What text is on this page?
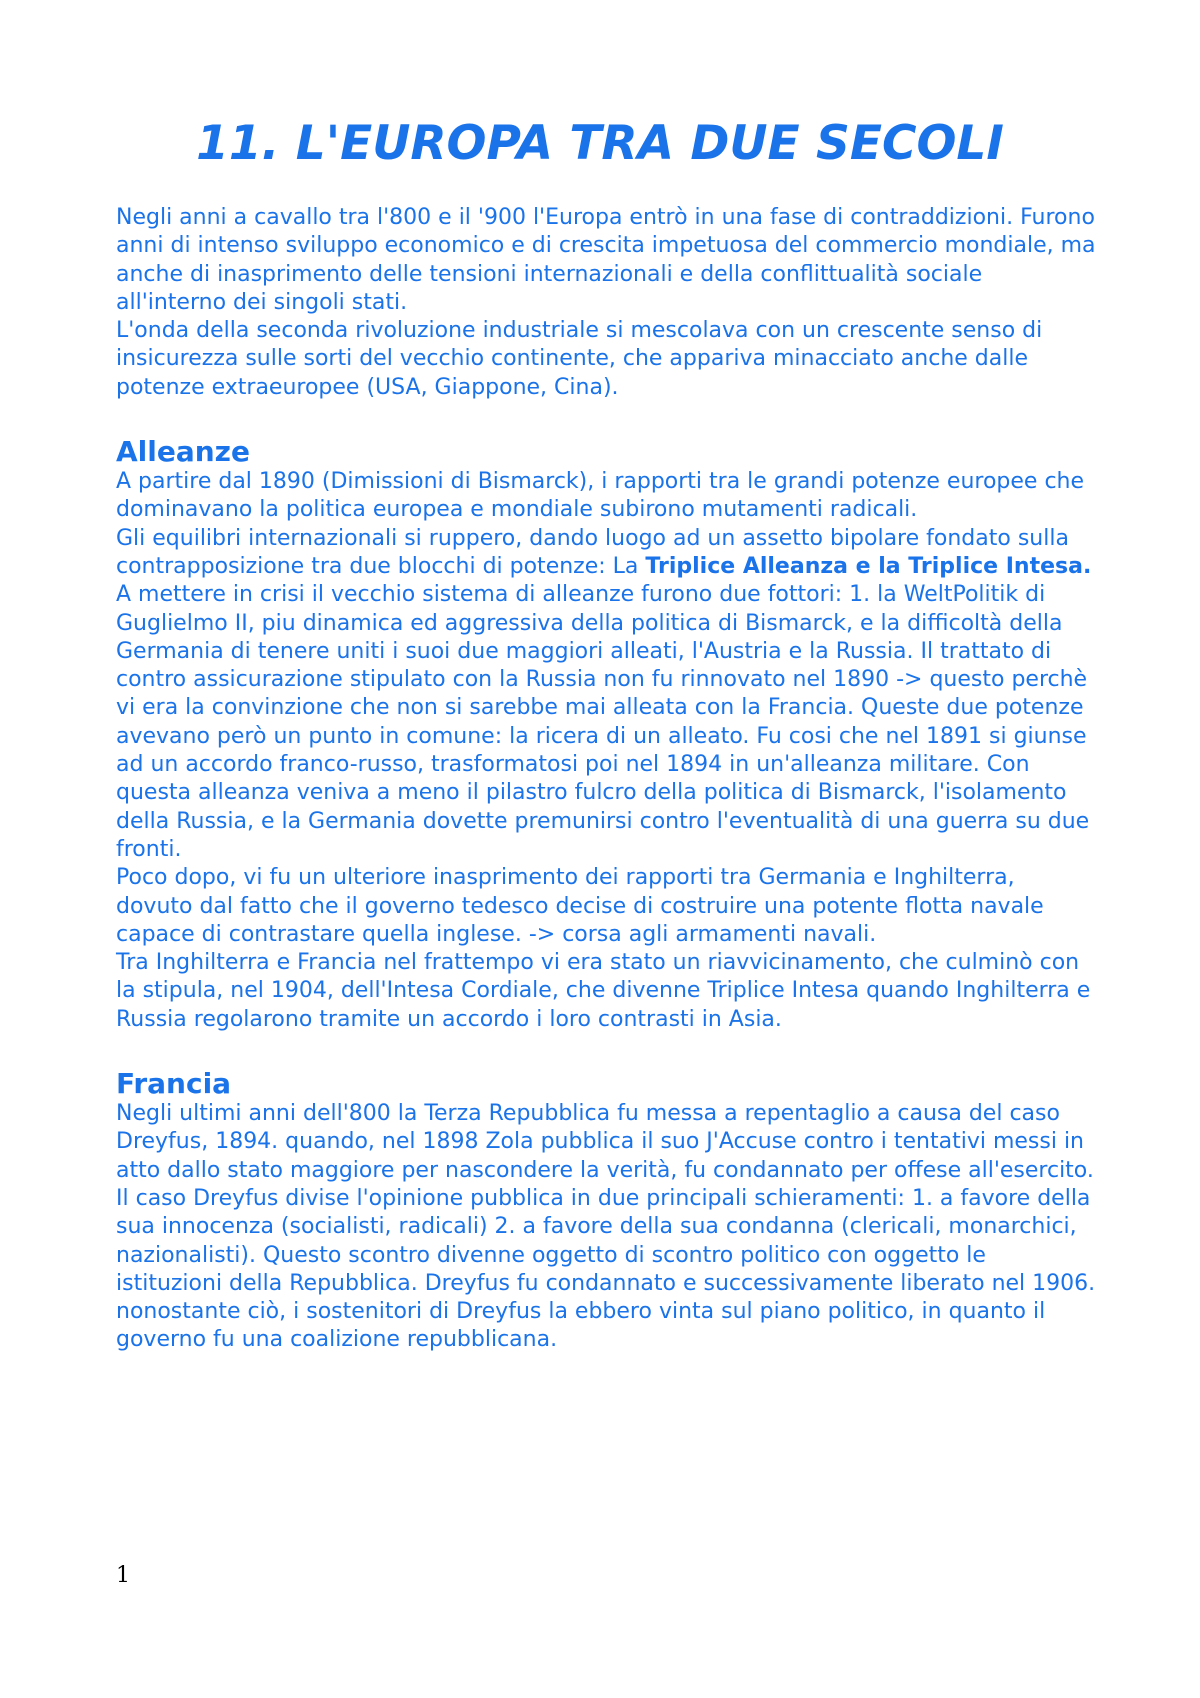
11. L'EUROPA TRA DUE SECOLI

Negli anni a cavallo tra l'800 e il '900 l'Europa entrò in una fase di contraddizioni. Furono anni di intenso sviluppo economico e di crescita impetuosa del commercio mondiale, ma anche di inasprimento delle tensioni internazionali e della conflittualità sociale all'interno dei singoli stati.

L'onda della seconda rivoluzione industriale si mescolava con un crescente senso di insicurezza sulle sorti del vecchio continente, che appariva minacciato anche dalle potenze extraeuropee (USA, Giappone, Cina).

Alleanze

A partire dal 1890 (Dimissioni di Bismarck), i rapporti tra le grandi potenze europee che dominavano la politica europea e mondiale subirono mutamenti radicali.

Gli equilibri internazionali si ruppero, dando luogo ad un assetto bipolare fondato sulla contrapposizione tra due blocchi di potenze: La Triplice Alleanza e la Triplice Intesa.

A mettere in crisi il vecchio sistema di alleanze furono due fottori: 1. la WeltPolitik di Guglielmo II, piu dinamica ed aggressiva della politica di Bismarck, e la difficoltà della Germania di tenere uniti i suoi due maggiori alleati, l'Austria e la Russia. Il trattato di contro assicurazione stipulato con la Russia non fu rinnovato nel 1890 -> questo perchè vi era la convinzione che non si sarebbe mai alleata con la Francia. Queste due potenze avevano però un punto in comune: la ricera di un alleato. Fu cosi che nel 1891 si giunse ad un accordo franco-russo, trasformatosi poi nel 1894 in un'alleanza militare. Con questa alleanza veniva a meno il pilastro fulcro della politica di Bismarck, l'isolamento della Russia, e la Germania dovette premunirsi contro l'eventualità di una guerra su due fronti.

Poco dopo, vi fu un ulteriore inasprimento dei rapporti tra Germania e Inghilterra, dovuto dal fatto che il governo tedesco decise di costruire una potente flotta navale capace di contrastare quella inglese. -> corsa agli armamenti navali.

Tra Inghilterra e Francia nel frattempo vi era stato un riavvicinamento, che culminò con la stipula, nel 1904, dell'Intesa Cordiale, che divenne Triplice Intesa quando Inghilterra e Russia regolarono tramite un accordo i loro contrasti in Asia.

Francia

Negli ultimi anni dell'800 la Terza Repubblica fu messa a repentaglio a causa del caso Dreyfus, 1894. quando, nel 1898 Zola pubblica il suo J'Accuse contro i tentativi messi in atto dallo stato maggiore per nascondere la verità, fu condannato per offese all'esercito. Il caso Dreyfus divise l'opinione pubblica in due principali schieramenti: 1. a favore della sua innocenza (socialisti, radicali) 2. a favore della sua condanna (clericali, monarchici, nazionalisti). Questo scontro divenne oggetto di scontro politico con oggetto le istituzioni della Repubblica. Dreyfus fu condannato e successivamente liberato nel 1906. nonostante ciò, i sostenitori di Dreyfus la ebbero vinta sul piano politico, in quanto il governo fu una coalizione repubblicana.

1
